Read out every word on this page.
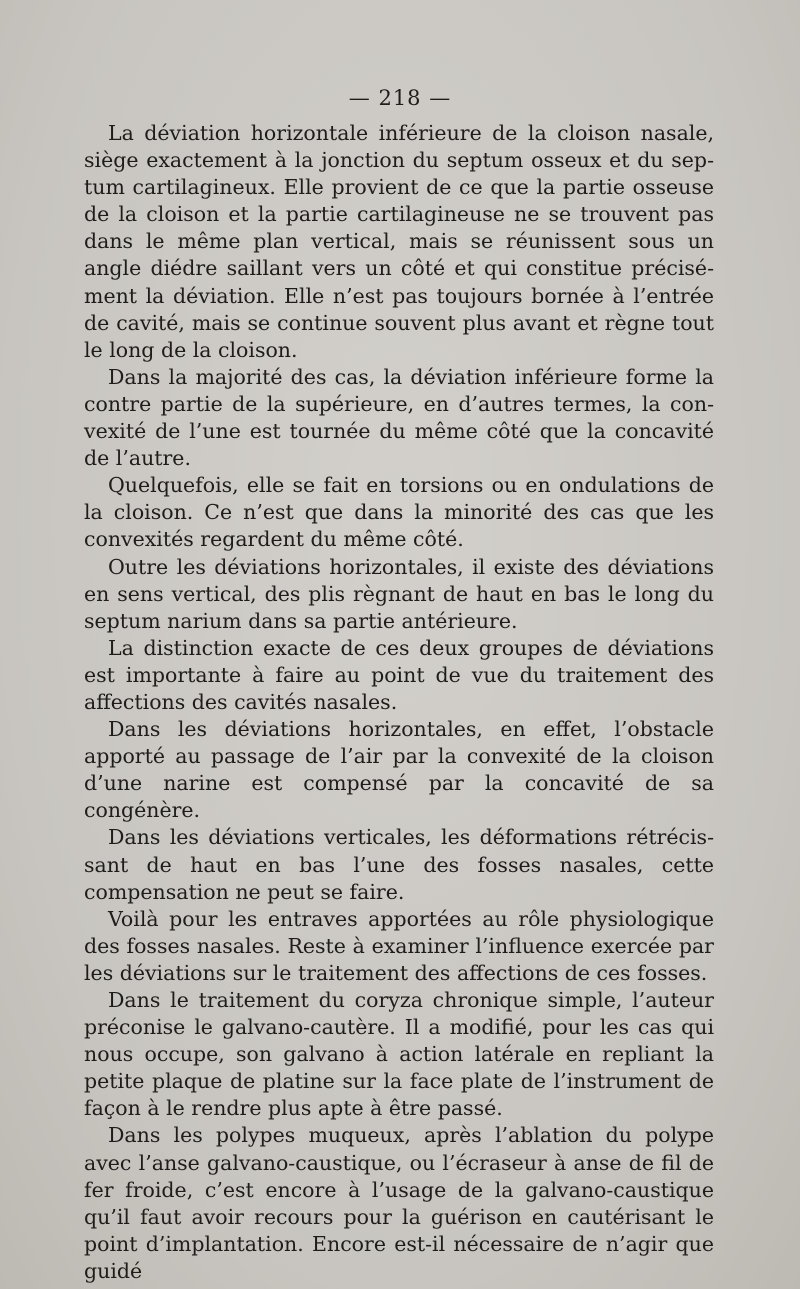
— 218 —

La déviation horizontale inférieure de la cloison nasale, siège exactement à la jonction du septum osseux et du septum cartilagineux. Elle provient de ce que la partie osseuse de la cloison et la partie cartilagineuse ne se trouvent pas dans le même plan vertical, mais se réunissent sous un angle diédre saillant vers un côté et qui constitue précisément la déviation. Elle n’est pas toujours bornée à l’entrée de cavité, mais se continue souvent plus avant et règne tout le long de la cloison.

Dans la majorité des cas, la déviation inférieure forme la contre partie de la supérieure, en d’autres termes, la convexité de l’une est tournée du même côté que la concavité de l’autre.

Quelquefois, elle se fait en torsions ou en ondulations de la cloison. Ce n’est que dans la minorité des cas que les convexités regardent du même côté.

Outre les déviations horizontales, il existe des déviations en sens vertical, des plis règnant de haut en bas le long du septum narium dans sa partie antérieure.

La distinction exacte de ces deux groupes de déviations est importante à faire au point de vue du traitement des affections des cavités nasales.

Dans les déviations horizontales, en effet, l’obstacle apporté au passage de l’air par la convexité de la cloison d’une narine est compensé par la concavité de sa congénère.

Dans les déviations verticales, les déformations rétrécissant de haut en bas l’une des fosses nasales, cette compensation ne peut se faire.

Voilà pour les entraves apportées au rôle physiologique des fosses nasales. Reste à examiner l’influence exercée par les déviations sur le traitement des affections de ces fosses.

Dans le traitement du coryza chronique simple, l’auteur préconise le galvano-cautère. Il a modifié, pour les cas qui nous occupe, son galvano à action latérale en repliant la petite plaque de platine sur la face plate de l’instrument de façon à le rendre plus apte à être passé.

Dans les polypes muqueux, après l’ablation du polype avec l’anse galvano-caustique, ou l’écraseur à anse de fil de fer froide, c’est encore à l’usage de la galvano-caustique qu’il faut avoir recours pour la guérison en cautérisant le point d’implantation. Encore est-il nécessaire de n’agir que guidé
